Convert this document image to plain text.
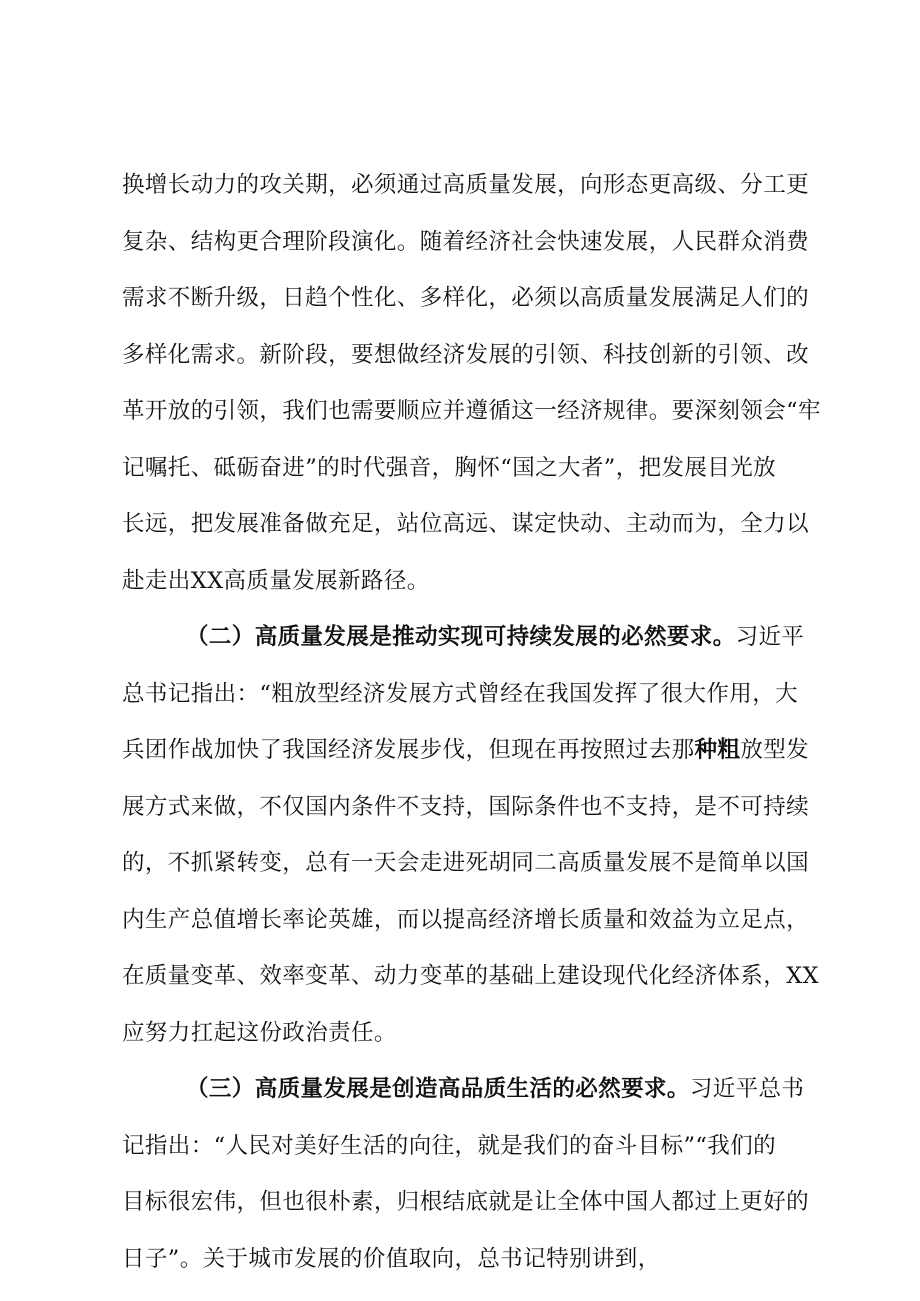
换增长动力的攻关期，必须通过高质量发展，向形态更高级、分工更
复杂、结构更合理阶段演化。随着经济社会快速发展，人民群众消费
需求不断升级，日趋个性化、多样化，必须以高质量发展满足人们的
多样化需求。新阶段，要想做经济发展的引领、科技创新的引领、改
革开放的引领，我们也需要顺应并遵循这一经济规律。要深刻领会“牢
记嘱托、砥砺奋进”的时代强音，胸怀“国之大者”，把发展目光放
长远，把发展准备做充足，站位高远、谋定快动、主动而为，全力以
赴走出XX高质量发展新路径。
（二）高质量发展是推动实现可持续发展的必然要求。习近平
总书记指出：“粗放型经济发展方式曾经在我国发挥了很大作用，大
兵团作战加快了我国经济发展步伐，但现在再按照过去那种粗放型发
展方式来做，不仅国内条件不支持，国际条件也不支持，是不可持续
的，不抓紧转变，总有一天会走进死胡同二高质量发展不是简单以国
内生产总值增长率论英雄，而以提高经济增长质量和效益为立足点，
在质量变革、效率变革、动力变革的基础上建设现代化经济体系，XX
应努力扛起这份政治责任。
（三）高质量发展是创造高品质生活的必然要求。习近平总书
记指出：“人民对美好生活的向往，就是我们的奋斗目标”“我们的
目标很宏伟，但也很朴素，归根结底就是让全体中国人都过上更好的
日子”。关于城市发展的价值取向，总书记特别讲到，
